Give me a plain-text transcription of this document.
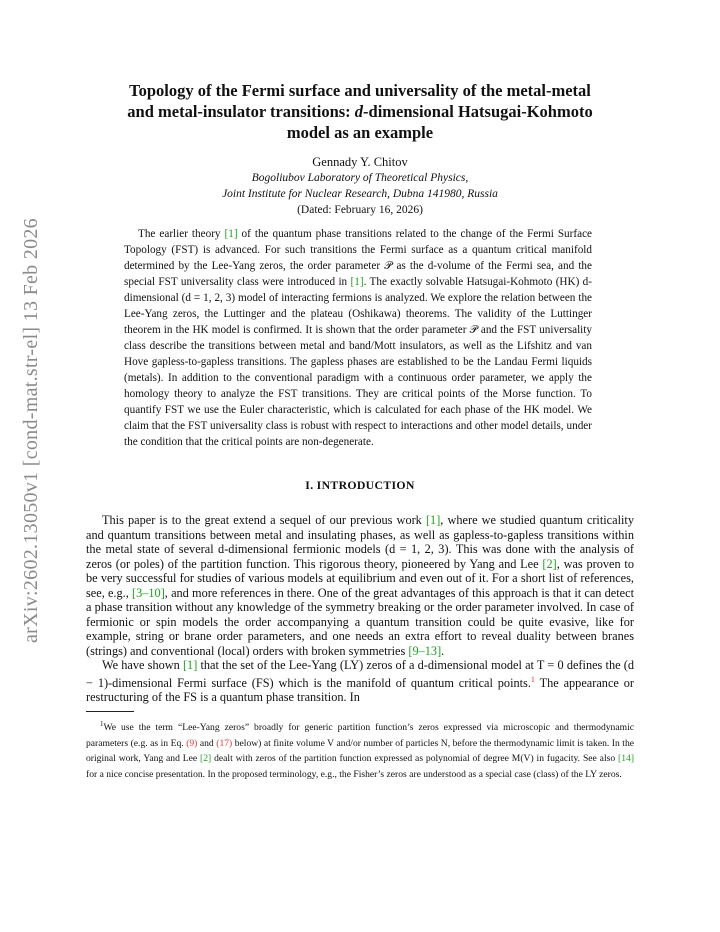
arXiv:2602.13050v1 [cond-mat.str-el] 13 Feb 2026
Topology of the Fermi surface and universality of the metal-metal
and metal-insulator transitions: d-dimensional Hatsugai-Kohmoto
model as an example
Gennady Y. Chitov
Bogoliubov Laboratory of Theoretical Physics,
Joint Institute for Nuclear Research, Dubna 141980, Russia
(Dated: February 16, 2026)
The earlier theory [1] of the quantum phase transitions related to the change of the Fermi Surface Topology (FST) is advanced. For such transitions the Fermi surface as a quantum critical manifold determined by the Lee-Yang zeros, the order parameter 𝒫 as the d-volume of the Fermi sea, and the special FST universality class were introduced in [1]. The exactly solvable Hatsugai-Kohmoto (HK) d-dimensional (d = 1, 2, 3) model of interacting fermions is analyzed. We explore the relation between the Lee-Yang zeros, the Luttinger and the plateau (Oshikawa) theorems. The validity of the Luttinger theorem in the HK model is confirmed. It is shown that the order parameter 𝒫 and the FST universality class describe the transitions between metal and band/Mott insulators, as well as the Lifshitz and van Hove gapless-to-gapless transitions. The gapless phases are established to be the Landau Fermi liquids (metals). In addition to the conventional paradigm with a continuous order parameter, we apply the homology theory to analyze the FST transitions. They are critical points of the Morse function. To quantify FST we use the Euler characteristic, which is calculated for each phase of the HK model. We claim that the FST universality class is robust with respect to interactions and other model details, under the condition that the critical points are non-degenerate.
I. INTRODUCTION

This paper is to the great extend a sequel of our previous work [1], where we studied quantum criticality and quantum transitions between metal and insulating phases, as well as gapless-to-gapless transitions within the metal state of several d-dimensional fermionic models (d = 1, 2, 3). This was done with the analysis of zeros (or poles) of the partition function. This rigorous theory, pioneered by Yang and Lee [2], was proven to be very successful for studies of various models at equilibrium and even out of it. For a short list of references, see, e.g., [3–10], and more references in there. One of the great advantages of this approach is that it can detect a phase transition without any knowledge of the symmetry breaking or the order parameter involved. In case of fermionic or spin models the order accompanying a quantum transition could be quite evasive, like for example, string or brane order parameters, and one needs an extra effort to reveal duality between branes (strings) and conventional (local) orders with broken symmetries [9–13].

We have shown [1] that the set of the Lee-Yang (LY) zeros of a d-dimensional model at T = 0 defines the (d − 1)-dimensional Fermi surface (FS) which is the manifold of quantum critical points.$^1$ The appearance or restructuring of the FS is a quantum phase transition. In

$^1$We use the term “Lee-Yang zeros” broadly for generic partition function’s zeros expressed via microscopic and thermodynamic parameters (e.g. as in Eq. (9) and (17) below) at finite volume V and/or number of particles N, before the thermodynamic limit is taken. In the original work, Yang and Lee [2] dealt with zeros of the partition function expressed as polynomial of degree M(V) in fugacity. See also [14] for a nice concise presentation. In the proposed terminology, e.g., the Fisher’s zeros are understood as a special case (class) of the LY zeros.
